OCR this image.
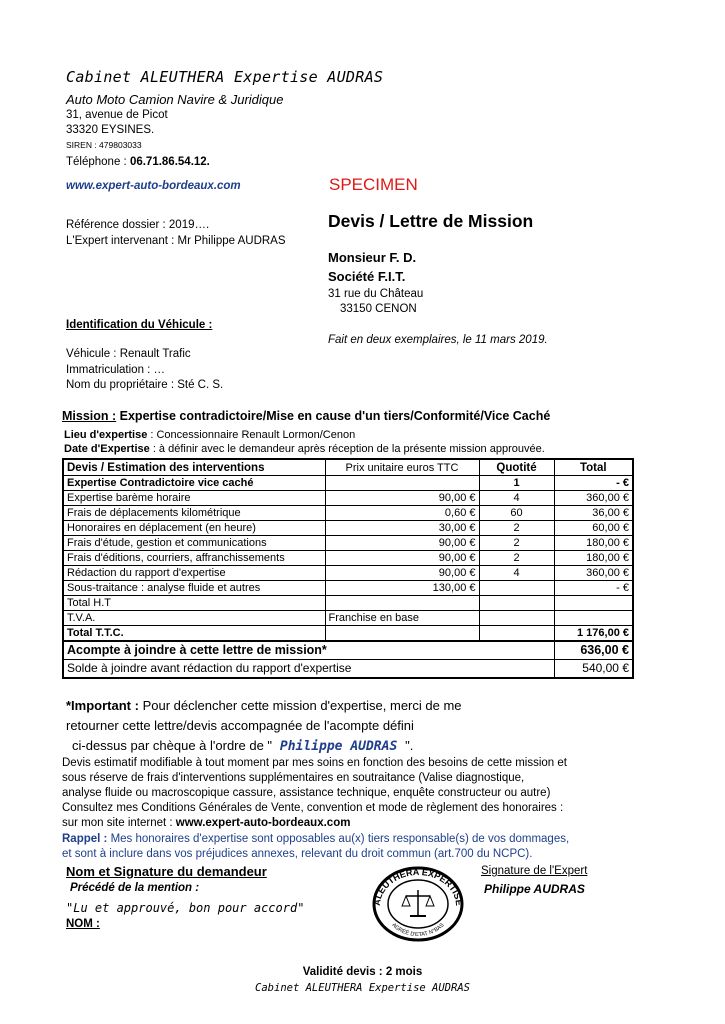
Cabinet ALEUTHERA Expertise AUDRAS
Auto Moto Camion Navire & Juridique
31, avenue de Picot
33320 EYSINES.
SIREN : 479803033
Téléphone : 06.71.86.54.12.
www.expert-auto-bordeaux.com	SPECIMEN
Référence dossier : 2019….
L'Expert intervenant : Mr Philippe AUDRAS
Devis / Lettre de Mission
Monsieur F. D.
Société F.I.T.
31 rue du Château
33150 CENON
Identification du Véhicule :
Fait en deux exemplaires, le 11 mars 2019.
Véhicule : Renault Trafic
Immatriculation : …
Nom du propriétaire : Sté C. S.
Mission : Expertise contradictoire/Mise en cause d'un tiers/Conformité/Vice Caché
Lieu d'expertise : Concessionnaire Renault Lormon/Cenon
Date d'Expertise : à définir avec le demandeur après réception de la présente mission approuvée.
Devis / Estimation des interventions	Prix unitaire euros TTC	Quotité	Total
Expertise Contradictoire vice caché		1	- €
Expertise barème horaire	90,00 €	4	360,00 €
Frais de déplacements kilométrique	0,60 €	60	36,00 €
Honoraires en déplacement (en heure)	30,00 €	2	60,00 €
Frais d'étude, gestion et communications	90,00 €	2	180,00 €
Frais d'éditions, courriers, affranchissements	90,00 €	2	180,00 €
Rédaction du rapport d'expertise	90,00 €	4	360,00 €
Sous-traitance : analyse fluide et autres	130,00 €		- €
Total H.T			
T.V.A.	Franchise en base		
Total T.T.C.			1 176,00 €
Acompte à joindre à cette lettre de mission*			636,00 €
Solde à joindre avant rédaction du rapport d'expertise			540,00 €
*Important : Pour déclencher cette mission d'expertise, merci de me
retourner cette lettre/devis accompagnée de l'acompte défini
ci-dessus par chèque à l'ordre de " Philippe AUDRAS ".
Devis estimatif modifiable à tout moment par mes soins en fonction des besoins de cette mission et
sous réserve de frais d'interventions supplémentaires en soutraitance (Valise diagnostique,
analyse fluide ou macroscopique cassure, assistance technique, enquête constructeur ou autre)
Consultez mes Conditions Générales de Vente, convention et mode de règlement des honoraires :
sur mon site internet : www.expert-auto-bordeaux.com
Rappel : Mes honoraires d'expertise sont opposables au(x) tiers responsable(s) de vos dommages,
et sont à inclure dans vos préjudices annexes, relevant du droit commun (art.700 du NCPC).
Nom et Signature du demandeur	Signature de l'Expert
Précédé de la mention :	Philippe AUDRAS
"Lu et approuvé, bon pour accord"
NOM :
ALEUTHERA EXPERTISE
AGRÉÉ D'ETAT N°BAS
Validité devis : 2 mois
Cabinet ALEUTHERA Expertise AUDRAS
